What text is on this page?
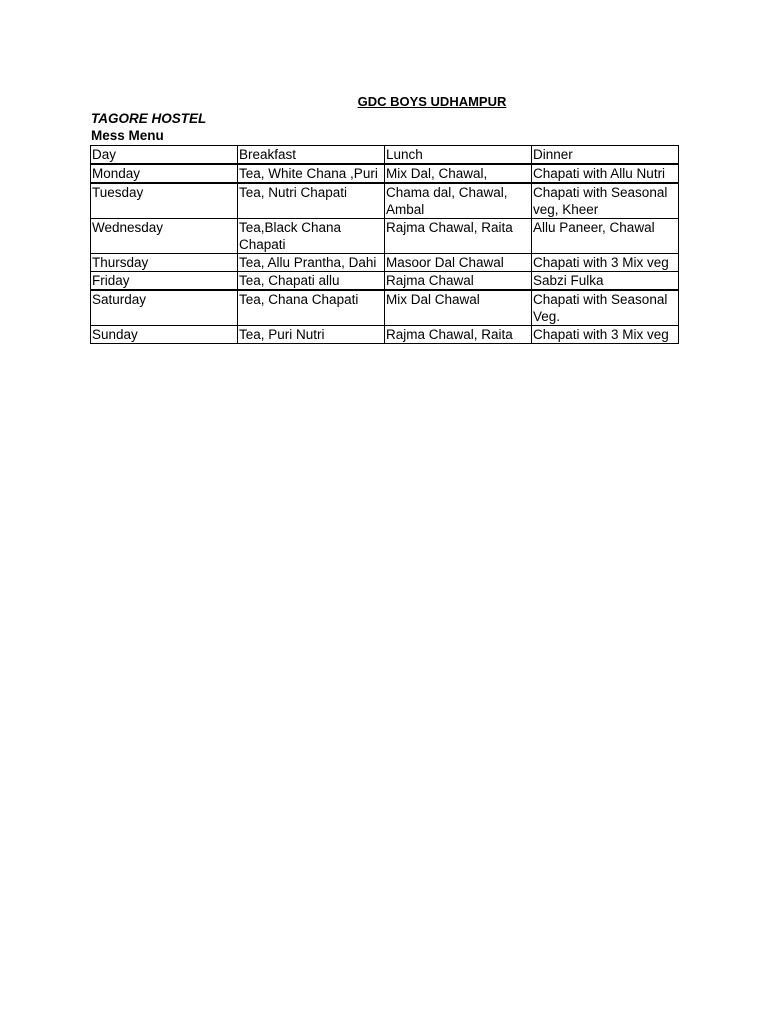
GDC BOYS UDHAMPUR

TAGORE HOSTEL

Mess Menu

Day	Breakfast	Lunch	Dinner
Monday	Tea, White Chana ,Puri	Mix Dal, Chawal,	Chapati with Allu Nutri
Tuesday	Tea, Nutri Chapati	Chama dal, Chawal, Ambal	Chapati with Seasonal veg, Kheer
Wednesday	Tea,Black Chana Chapati	Rajma Chawal, Raita	Allu Paneer, Chawal
Thursday	Tea, Allu Prantha, Dahi	Masoor Dal Chawal	Chapati with 3 Mix veg
Friday	Tea, Chapati allu	Rajma Chawal	Sabzi Fulka
Saturday	Tea, Chana Chapati	Mix Dal Chawal	Chapati with Seasonal Veg.
Sunday	Tea, Puri Nutri	Rajma Chawal, Raita	Chapati with 3 Mix veg
